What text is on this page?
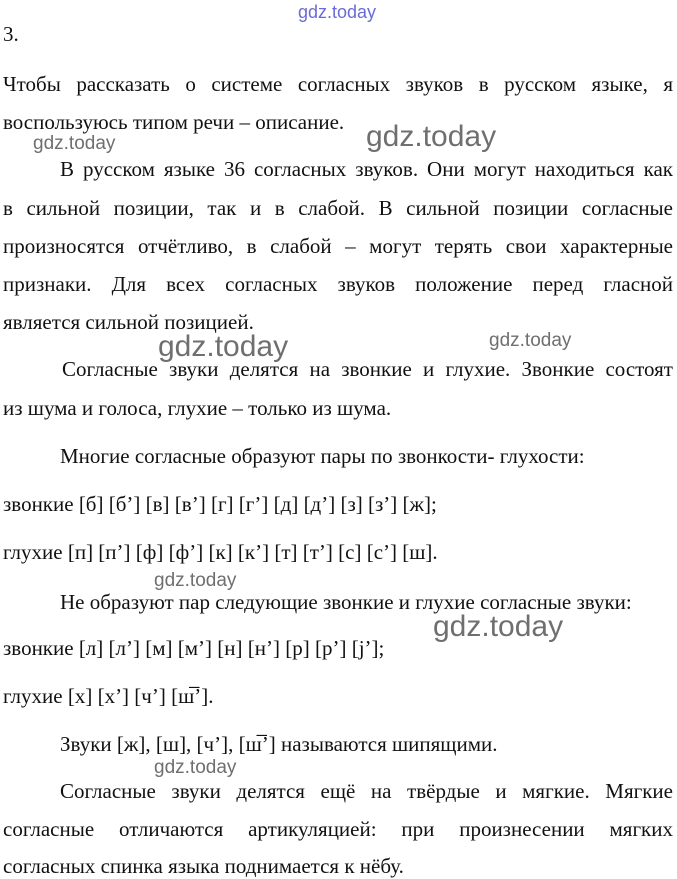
gdz.today
gdz.today
gdz.today
gdz.today	gdz.today
gdz.today
gdz.today
gdz.today
3.
Чтобы рассказать о системе согласных звуков в русском языке, я
воспользуюсь типом речи – описание.
В русском языке 36 согласных звуков. Они могут находиться как
в сильной позиции, так и в слабой. В сильной позиции согласные
произносятся отчётливо, в слабой – могут терять свои характерные
признаки. Для всех согласных звуков положение перед гласной
является сильной позицией.
Согласные звуки делятся на звонкие и глухие. Звонкие состоят
из шума и голоса, глухие – только из шума.
Многие согласные образуют пары по звонкости- глухости:
звонкие [б] [б’] [в] [в’] [г] [г’] [д] [д’] [з] [з’] [ж];
глухие [п] [п’] [ф] [ф’] [к] [к’] [т] [т’] [с] [с’] [ш].
Не образуют пар следующие звонкие и глухие согласные звуки:
звонкие [л] [л’] [м] [м’] [н] [н’] [р] [р’] [j’];
глухие [х] [х’] [ч’] [ш̅’].
Звуки [ж], [ш], [ч’], [ш̅’] называются шипящими.
Согласные звуки делятся ещё на твёрдые и мягкие. Мягкие
согласные отличаются артикуляцией: при произнесении мягких
согласных спинка языка поднимается к нёбу.
